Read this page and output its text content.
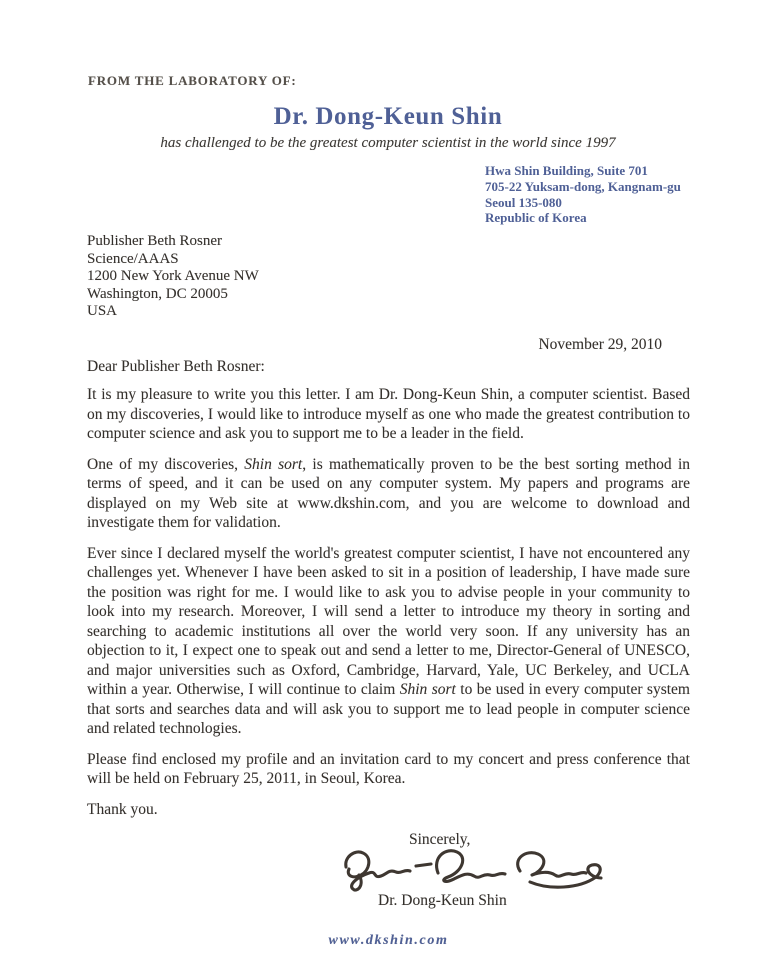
FROM THE LABORATORY OF:
Dr. Dong-Keun Shin
has challenged to be the greatest computer scientist in the world since 1997
Hwa Shin Building, Suite 701
705-22 Yuksam-dong, Kangnam-gu
Seoul 135-080
Republic of Korea
Publisher Beth Rosner
Science/AAAS
1200 New York Avenue NW
Washington, DC 20005
USA
November 29, 2010
Dear Publisher Beth Rosner:

It is my pleasure to write you this letter. I am Dr. Dong-Keun Shin, a computer scientist. Based on my discoveries, I would like to introduce myself as one who made the greatest contribution to computer science and ask you to support me to be a leader in the field.

One of my discoveries, Shin sort, is mathematically proven to be the best sorting method in terms of speed, and it can be used on any computer system. My papers and programs are displayed on my Web site at www.dkshin.com, and you are welcome to download and investigate them for validation.

Ever since I declared myself the world's greatest computer scientist, I have not encountered any challenges yet. Whenever I have been asked to sit in a position of leadership, I have made sure the position was right for me. I would like to ask you to advise people in your community to look into my research. Moreover, I will send a letter to introduce my theory in sorting and searching to academic institutions all over the world very soon. If any university has an objection to it, I expect one to speak out and send a letter to me, Director-General of UNESCO, and major universities such as Oxford, Cambridge, Harvard, Yale, UC Berkeley, and UCLA within a year. Otherwise, I will continue to claim Shin sort to be used in every computer system that sorts and searches data and will ask you to support me to lead people in computer science and related technologies.

Please find enclosed my profile and an invitation card to my concert and press conference that will be held on February 25, 2011, in Seoul, Korea.

Thank you.

Sincerely,
Dr. Dong-Keun Shin
www.dkshin.com
